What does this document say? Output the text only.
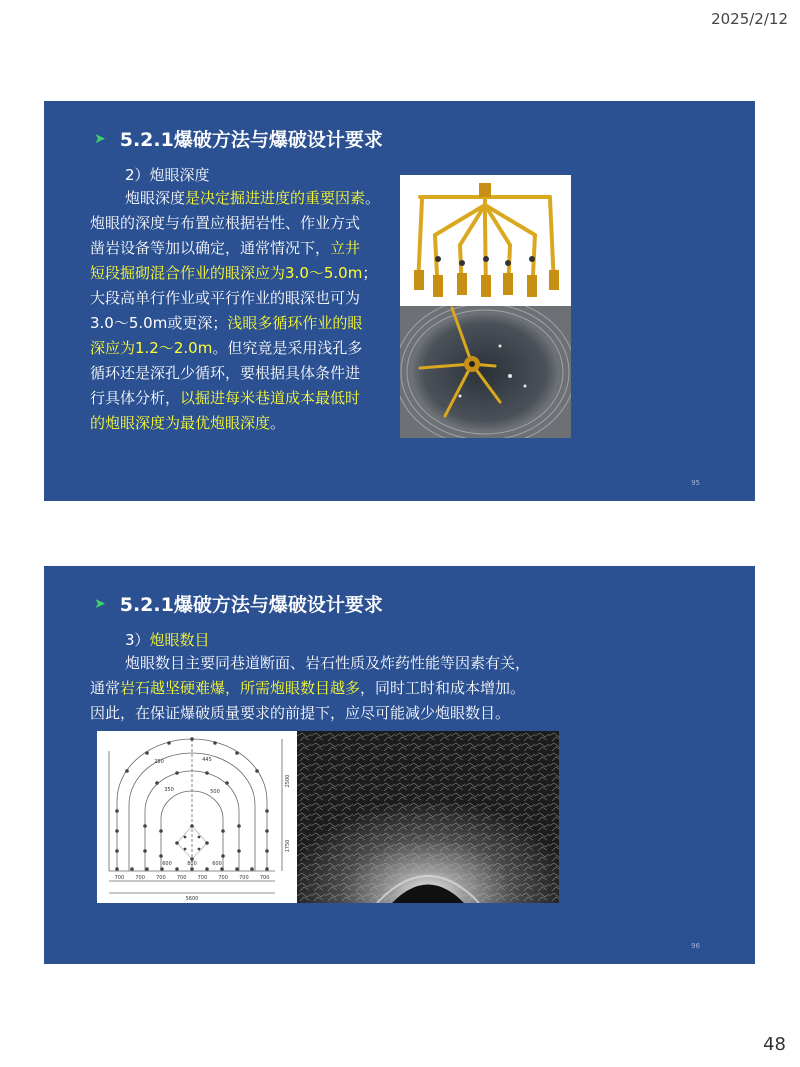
2025/2/12
➤ 5.2.1爆破方法与爆破设计要求
2）炮眼深度
炮眼深度是决定掘进进度的重要因素。
炮眼的深度与布置应根据岩性、作业方式
凿岩设备等加以确定，通常情况下，立井
短段掘砌混合作业的眼深应为3.0～5.0m；
大段高单行作业或平行作业的眼深也可为
3.0～5.0m或更深；浅眼多循环作业的眼
深应为1.2～2.0m。但究竟是采用浅孔多
循环还是深孔少循环，要根据具体条件进
行具体分析，以掘进每米巷道成本最低时
的炮眼深度为最优炮眼深度。
95
➤ 5.2.1爆破方法与爆破设计要求
3）炮眼数目
炮眼数目主要同巷道断面、岩石性质及炸药性能等因素有关，
通常岩石越坚硬难爆，所需炮眼数目越多，同时工时和成本增加。
因此，在保证爆破质量要求的前提下，应尽可能减少炮眼数目。
700 700 700 700 700 700 700 700
5600
600	800	600
2500
1750
250	445
350	500
96
48
